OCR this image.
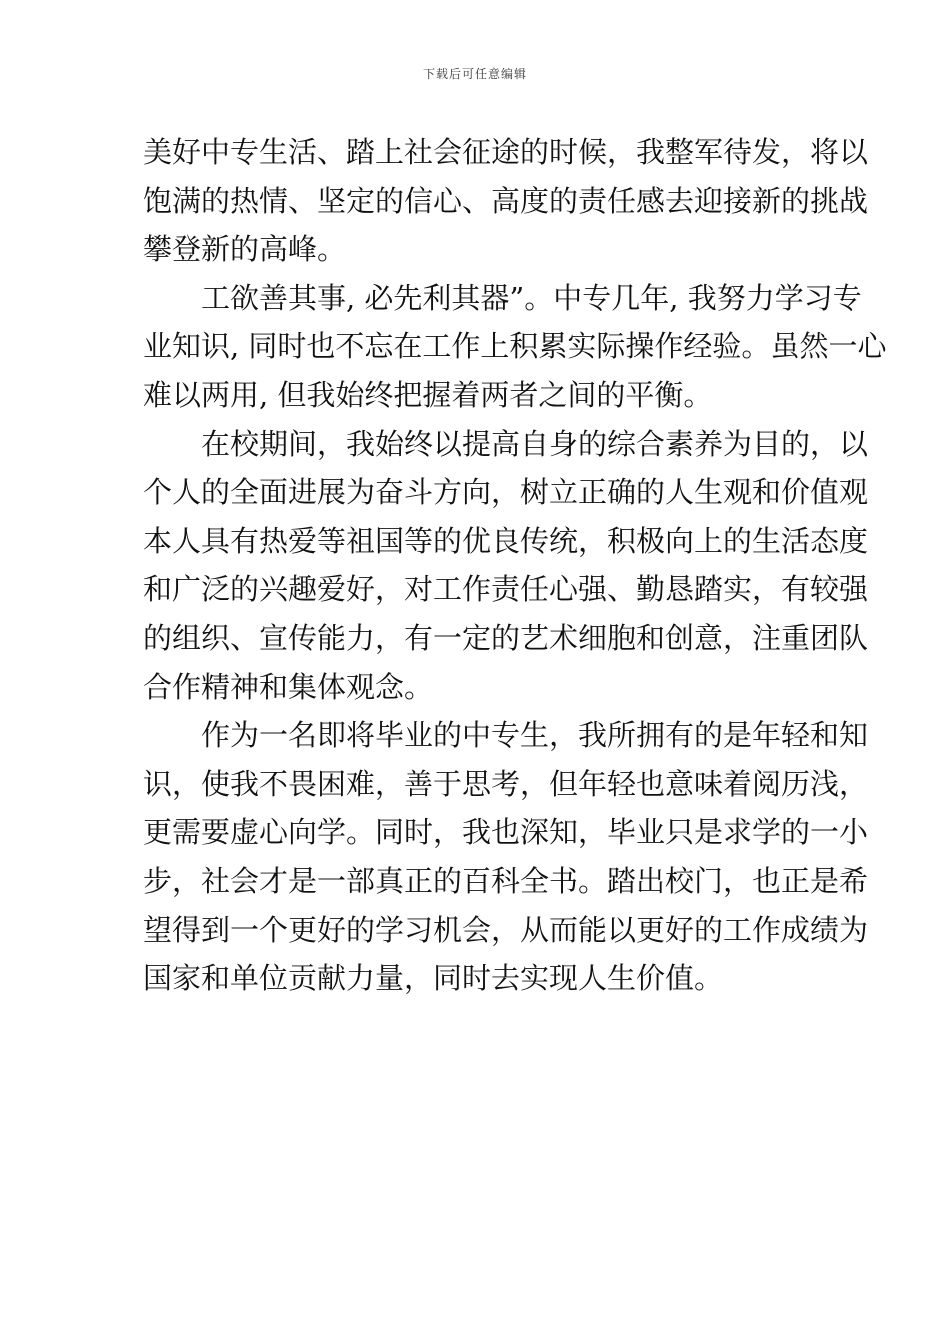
下载后可任意编辑
美好中专生活、踏上社会征途的时候，我整军待发，将以
饱满的热情、坚定的信心、高度的责任感去迎接新的挑战
攀登新的高峰。
工欲善其事, 必先利其器”。中专几年, 我努力学习专
业知识, 同时也不忘在工作上积累实际操作经验。虽然一心
难以两用, 但我始终把握着两者之间的平衡。
在校期间，我始终以提高自身的综合素养为目的，以
个人的全面进展为奋斗方向，树立正确的人生观和价值观
本人具有热爱等祖国等的优良传统，积极向上的生活态度
和广泛的兴趣爱好，对工作责任心强、勤恳踏实，有较强
的组织、宣传能力，有一定的艺术细胞和创意，注重团队
合作精神和集体观念。
作为一名即将毕业的中专生，我所拥有的是年轻和知
识，使我不畏困难，善于思考，但年轻也意味着阅历浅，
更需要虚心向学。同时，我也深知，毕业只是求学的一小
步，社会才是一部真正的百科全书。踏出校门，也正是希
望得到一个更好的学习机会，从而能以更好的工作成绩为
国家和单位贡献力量，同时去实现人生价值。
